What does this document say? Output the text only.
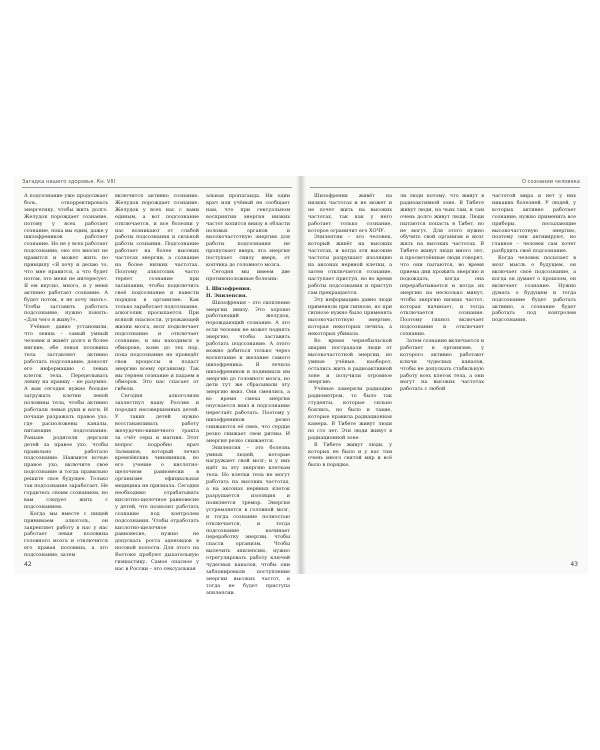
Загадка нашего здоровья. Кн. VIII

А подсознание уже продолжает боль, откорректировать энергетику, чтобы жить долго. Желудок порождает сознание, потому у всех работает сознание, пока мы едим, даже у шизофреников работает сознание. Но не у всех работает подсознание, оно это вносит не нравится и может жить по принципу «Я хочу и делаю то, что мне нравится, а что будет потом, это меня не интересует. Я ем вкусно, много, и у меня активно работает сознание. А будет потом, я не хочу знать». Чтобы заставить работать подсознание, нужно понять: «Для чего я живу?».

Учёные давно установили, что левша – самый умный человек и живёт долго и более мягкие, обе левая половина тела заставляет активно работать подсознание, доносят его информацию с левых клеток тела. Переделывать левшу на правшу – не разумно. А вам сегодня нужно больше загружать клетки левой половины тела, чтобы активно работали левые руки и ноги. И почаще разражать правое ухо, где расположены каналы, питающие подсознание. Раньше родители дергали детей за правое ухо, чтобы правильно работало подсознание. Нажмите ночью правое ухо, включите свое подсознание и тогда правильно решите свое будущее. Только так подсознание заработает. Не гордитесь своим сознанием, но вам следует жить с подсознанием.

Когда мы вместе с пищей принимаем алкоголь, он закрепляет работу в нас у нас работает левая половина головного мозга и отключится его правая половина, а это подсознание, затем

включится активно сознание. Желудок порождает сознание. Желудок у всех нас с вами единым, а вот подсознание отключается, и все болезни у нас возникают от слабой работы подсознания и сильной работы сознания. Подсознание работает на более высоких частотах энергии, а сознание на более низких частотах. Поэтому алкоголик часто теряет сознание при засыпании, чтобы подключить своё подсознание и навести порядок в организме. Как только заработает подсознание, алкоголик просыпается. При всякой опасности, угрожающей жизни мозга, мозг подключает подсознание и отключает сознание, и мы находимся в обмороке, коме до тех пор, пока подсознание не проведёт свои процессы и подаст энергию всему организму. Так мы теряем сознание и падаем в обморок. Это нас спасает от гибели.

Сегодня алкоголизм захлестнул нашу Россию и породил несовершенных детей. У таких детей нужно восстанавливать работу желудочно-кишечного тракта за счёт серы и магния. Этот вопрос подробно врач Залманов, который лечил кремлёвских чиновников, но его учение о кислотно-щелочном равновесии в организме официальная медицина не признала. Сегодня необходимо отрабатывать кислотно-щелочное равновесие у детей, что позволит работать сознание под контролем подсознания. Чтобы отработать кислотно-щелочное равновесие, нужно не допускать роста аденоидов в носовой полости. Для этого на Востоке пробуют дыхательную гимнастику. Самое опасное у нас в России – это сексуальная

альная пропаганда. Ни один врач или учёный не сообщает нам, что при сексуальном восприятии энергия низких частот копится внизу в области половых органов и высокочастотную энергию для работы подсознания не пропускает вверх, эта энергия поступает снизу вверх, от копчика до головного мозга.

Сегодня мы имеем две противоположные болезни:

I. Шизофрения.

II. Эпилепсия.

Шизофрения – это скопление энергии внизу. Это хорошо работающий желудок, порождающий сознание. А это если человек не может поднять энергию, чтобы заставить работать подсознание. А этого можно добиться только через воспитание и желание самого шизофреника. Я лечила шизофреников и поднимала им энергию до головного мозга, но дети тут же сбрасывали эту энергию вниз. Они смеялись, а во время смеха энергия опускается вниз и подсознание перестаёт работать. Поэтому у шизофреников резко снижаются её смех, что сердце резко снижает свои ритмы. И энергия резко снижается.

Эпилепсия – это болезнь умных людей, которые нагружают свой мозг; и у них идёт за эту энергию клеткам тела. Но клетки тела не могут работать на высоких частотах, а на аксонах нервных клеток разрушается изоляция и появляется тремор. Энергия устремляется в головной мозг, и тогда сознание полностью отключается, и тогда подсознание начинает переработку энергии, чтобы спасти организм. Чтобы вылечить эпилепсию, нужно отрегулировать работу ключей чудесных каналов, чтобы они заблокировали поступление энергии высоких частот, и тогда не будет приступа эпилепсии.

42
О сознании человека

Шизофреник живёт на низких частотах и не может и не хочет жить на высоких частотах, так как у него работает только сознание, которое ограничит его ХОЧУ.

Эпилептик – это человек, который живёт на высоких частотах, и когда эти высокие частоты разрушают изоляцию на аксонах нервной клетки, а затем отключается сознание, наступает приступ, но во время работы подсознания и приступ сам прекращается.

Эту информацию давно люди применяли при гипнозе, но при гипнозе нужно было применять высокочастотную энергию, которая некоторых лечила, а некоторых убивала.

Во время чернобыльской аварии пострадали люди от высокочастотной энергии, но умные учёные, наоборот, остались жить в радиоактивной зоне и получили огромное энергию.

Учёные замеряли радиацию радиометром, то было так студенты, которые сильно боялись, но было и такие, которые правила радиационная камера. В Тибете живут люди по сто лет. Эти люди живут в радиационной зоне

В Тибете живут люди, у которых не было и у нас там очень много святой мир и всё было в порядке.

ли люди потому, что живут в радиоактивной зоне. В Тибете живут люди, на чьих там, и там очень долго живут люди. Люди пытаются попасть в Тибет, но не могут. Для этого нужно обучить свой организм и мозг жить на высоких частотах. В Тибете живут люди много лет, и просветлённые люди говорят, что они пытаются, во время приема дни прожить энергию и подождать, когда она перерабатывается и когда их энергию на несколько минут, чтобы энергию низких частот, которая начинает, и тогда отключается сознание. Поэтому гипноз включает подсознание и отключает сознание.

Затем сознание включается и работает в организме, у которого активно работают ключи чудесных каналов, чтобы не допускать стабильную работу всех клеток тела, а они могут на высоких частотах работать с любой

частотой мира и нет у них никаких болезней. У людей, у которых активно работает сознание, нужно применить все приборы, посылающие высокочастотную энергию, поэтому они активируют, но главное – человек сам хочет разбудить своё подсознание.

Когда человек посылает в мозг мысль о будущем, он включает своё подсознание, а когда он думает о прошлом, он включает сознание. Нужно думать о будущем и тогда подсознание будет работать активно, а сознание будет работать под контролем подсознания.

43
